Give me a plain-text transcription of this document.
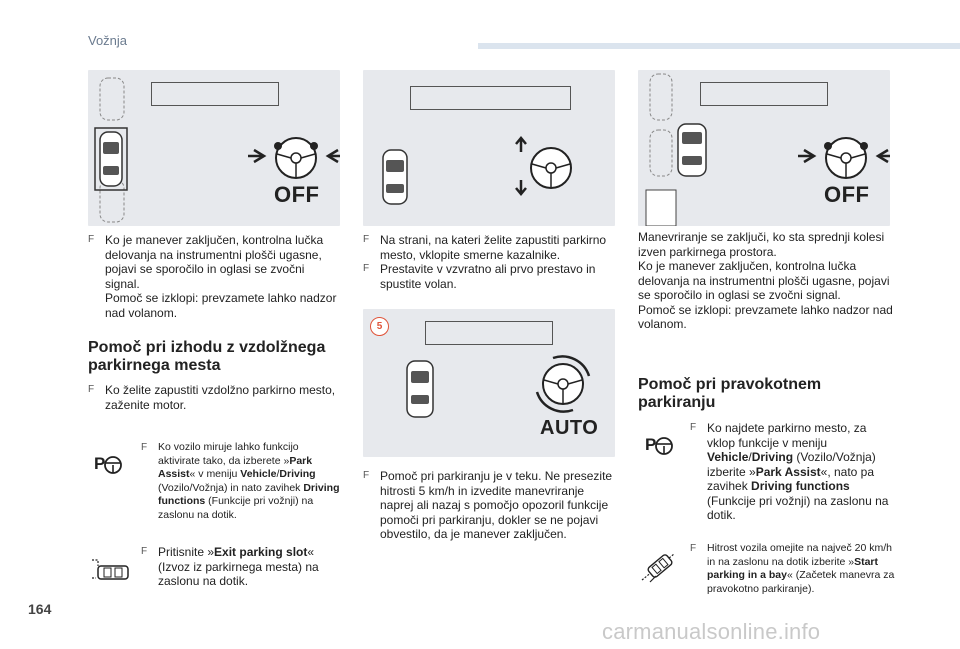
Vožnja
OFF
F Ko je manever zaključen, kontrolna lučka delovanja na instrumentni plošči ugasne, pojavi se sporočilo in oglasi se zvočni signal.
Pomoč se izklopi: prevzamete lahko nadzor nad volanom.
Pomoč pri izhodu z vzdolžnega parkirnega mesta
F Ko želite zapustiti vzdolžno parkirno mesto, zaženite motor.
P
F Ko vozilo miruje lahko funkcijo aktivirate tako, da izberete »Park Assist« v meniju Vehicle/Driving (Vozilo/Vožnja) in nato zavihek Driving functions (Funkcije pri vožnji) na zaslonu na dotik.
F Pritisnite »Exit parking slot« (Izvoz iz parkirnega mesta) na zaslonu na dotik.
F Na strani, na kateri želite zapustiti parkirno mesto, vklopite smerne kazalnike.
F Prestavite v vzvratno ali prvo prestavo in spustite volan.
AUTO
5
F Pomoč pri parkiranju je v teku. Ne presezite hitrosti 5 km/h in izvedite manevriranje naprej ali nazaj s pomočjo opozoril funkcije pomoči pri parkiranju, dokler se ne pojavi obvestilo, da je manever zaključen.
OFF
Manevriranje se zaključi, ko sta sprednji kolesi izven parkirnega prostora.
Ko je manever zaključen, kontrolna lučka delovanja na instrumentni plošči ugasne, pojavi se sporočilo in oglasi se zvočni signal.
Pomoč se izklopi: prevzamete lahko nadzor nad volanom.
Pomoč pri pravokotnem parkiranju
P
F Ko najdete parkirno mesto, za vklop funkcije v meniju Vehicle/Driving (Vozilo/Vožnja) izberite »Park Assist«, nato pa zavihek Driving functions (Funkcije pri vožnji) na zaslonu na dotik.
F Hitrost vozila omejite na največ 20 km/h in na zaslonu na dotik izberite »Start parking in a bay« (Začetek manevra za pravokotno parkiranje).
164
carmanualsonline.info
